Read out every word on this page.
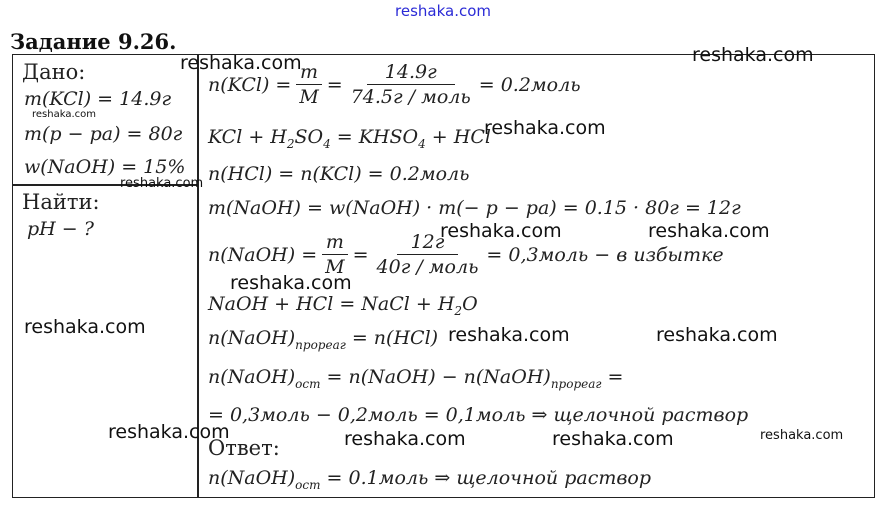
reshaka.com
Задание 9.26.
Дано:
m(KCl) = 14.9г
m(p − pa) = 80г
w(NaOH) = 15%
Найти:
pH − ?
$n(KCl) = \frac{m}{M} = \frac{14.9г}{\text{74.5г / моль}}$ = 0.2моль
KCl + $H_2SO_4$ = $KHSO_4$ + HCl
n(HCl) = n(KCl) = 0.2моль
m(NaOH) = w(NaOH) · m(− p − pa) = 0.15 · 80г = 12г
n(NaOH) = $\frac{m}{M} = \frac{12г}{\text{40г / моль}}$ = 0,3моль − в избытке
NaOH + HCl = NaCl + $H_2O$
$n(NaOH)_{прореаг} = n(HCl)$
$n(NaOH)_{ост}$ = n(NaOH) − $n(NaOH)_{прореаг}$ =
= 0,3моль − 0,2моль = 0,1моль ⇒ щелочной раствор
Ответ:
$n(NaOH)_{ост}$ = 0.1моль ⇒ щелочной раствор
reshaka.com	reshaka.com
reshaka.com
reshaka.com
reshaka.com
reshaka.com	reshaka.com
reshaka.com
reshaka.com	reshaka.com	reshaka.com
reshaka.com	reshaka.com	reshaka.com	reshaka.com
